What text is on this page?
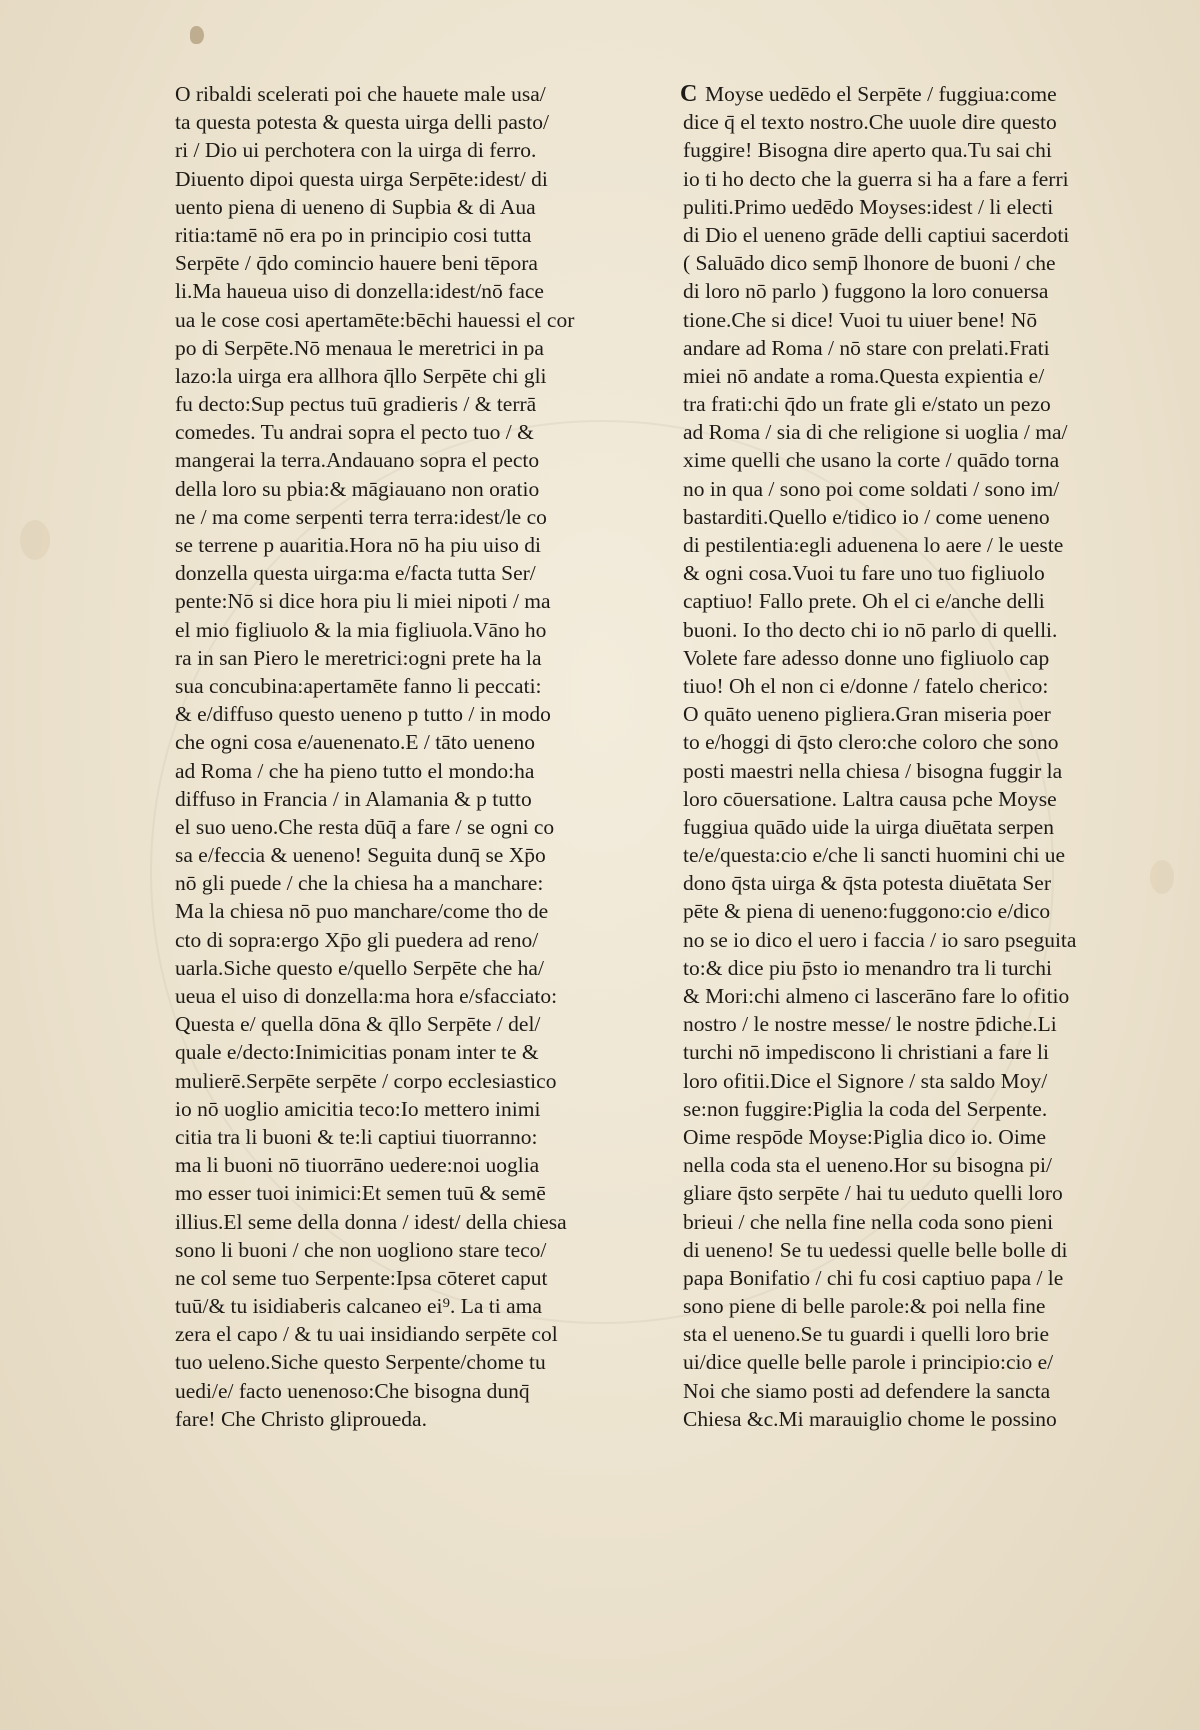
O ribaldi scelerati poi che hauete male usa/
ta questa potesta & questa uirga delli pasto/
ri / Dio ui perchotera con la uirga di ferro.
Diuento dipoi questa uirga Serpēte:idest/ di
uento piena di ueneno di Supbia & di Aua
ritia:tamē nō era po in principio cosi tutta
Serpēte / q̄do comincio hauere beni tēpora
li.Ma haueua uiso di donzella:idest/nō face
ua le cose cosi apertamēte:bēchi hauessi el cor
po di Serpēte.Nō menaua le meretrici in pa
lazo:la uirga era allhora q̄llo Serpēte chi gli
fu decto:Sup pectus tuū gradieris / & terrā
comedes. Tu andrai sopra el pecto tuo / &
mangerai la terra.Andauano sopra el pecto
della loro su pbia:& māgiauano non oratio
ne / ma come serpenti terra terra:idest/le co
se terrene p auaritia.Hora nō ha piu uiso di
donzella questa uirga:ma e/facta tutta Ser/
pente:Nō si dice hora piu li miei nipoti / ma
el mio figliuolo & la mia figliuola.Vāno ho
ra in san Piero le meretrici:ogni prete ha la
sua concubina:apertamēte fanno li peccati:
& e/diffuso questo ueneno p tutto / in modo
che ogni cosa e/auenenato.E / tāto ueneno
ad Roma / che ha pieno tutto el mondo:ha
diffuso in Francia / in Alamania & p tutto
el suo ueno.Che resta dūq̄ a fare / se ogni co
sa e/feccia & ueneno! Seguita dunq̄ se Xp̄o
nō gli puede / che la chiesa ha a manchare:
Ma la chiesa nō puo manchare/come tho de
cto di sopra:ergo Xp̄o gli puedera ad reno/
uarla.Siche questo e/quello Serpēte che ha/
ueua el uiso di donzella:ma hora e/sfacciato:
Questa e/ quella dōna & q̄llo Serpēte / del/
quale e/decto:Inimicitias ponam inter te &
mulierē.Serpēte serpēte / corpo ecclesiastico
io nō uoglio amicitia teco:Io mettero inimi
citia tra li buoni & te:li captiui tiuorranno:
ma li buoni nō tiuorrāno uedere:noi uoglia
mo esser tuoi inimici:Et semen tuū & semē
illius.El seme della donna / idest/ della chiesa
sono li buoni / che non uogliono stare teco/
ne col seme tuo Serpente:Ipsa cōteret caput
tuū/& tu isidiaberis calcaneo ei⁹. La ti ama
zera el capo / & tu uai insidiando serpēte col
tuo ueleno.Siche questo Serpente/chome tu
uedi/e/ facto uenenoso:Che bisogna dunq̄
fare! Che Christo gliproueda.
C Moyse uedēdo el Serpēte / fuggiua:come
dice q̄ el texto nostro.Che uuole dire questo
fuggire! Bisogna dire aperto qua.Tu sai chi
io ti ho decto che la guerra si ha a fare a ferri
puliti.Primo uedēdo Moyses:idest / li electi
di Dio el ueneno grāde delli captiui sacerdoti
( Saluādo dico semp̄ lhonore de buoni / che
di loro nō parlo ) fuggono la loro conuersa
tione.Che si dice! Vuoi tu uiuer bene! Nō
andare ad Roma / nō stare con prelati.Frati
miei nō andate a roma.Questa expientia e/
tra frati:chi q̄do un frate gli e/stato un pezo
ad Roma / sia di che religione si uoglia / ma/
xime quelli che usano la corte / quādo torna
no in qua / sono poi come soldati / sono im/
bastarditi.Quello e/tidico io / come ueneno
di pestilentia:egli aduenena lo aere / le ueste
& ogni cosa.Vuoi tu fare uno tuo figliuolo
captiuo! Fallo prete. Oh el ci e/anche delli
buoni. Io tho decto chi io nō parlo di quelli.
Volete fare adesso donne uno figliuolo cap
tiuo! Oh el non ci e/donne / fatelo cherico:
O quāto ueneno pigliera.Gran miseria poer
to e/hoggi di q̄sto clero:che coloro che sono
posti maestri nella chiesa / bisogna fuggir la
loro cōuersatione. Laltra causa pche Moyse
fuggiua quādo uide la uirga diuētata serpen
te/e/questa:cio e/che li sancti huomini chi ue
dono q̄sta uirga & q̄sta potesta diuētata Ser
pēte & piena di ueneno:fuggono:cio e/dico
no se io dico el uero i faccia / io saro pseguita
to:& dice piu p̄sto io menandro tra li turchi
& Mori:chi almeno ci lascerāno fare lo ofitio
nostro / le nostre messe/ le nostre p̄diche.Li
turchi nō impediscono li christiani a fare li
loro ofitii.Dice el Signore / sta saldo Moy/
se:non fuggire:Piglia la coda del Serpente.
Oime respōde Moyse:Piglia dico io. Oime
nella coda sta el ueneno.Hor su bisogna pi/
gliare q̄sto serpēte / hai tu ueduto quelli loro
brieui / che nella fine nella coda sono pieni
di ueneno! Se tu uedessi quelle belle bolle di
papa Bonifatio / chi fu cosi captiuo papa / le
sono piene di belle parole:& poi nella fine
sta el ueneno.Se tu guardi i quelli loro brie
ui/dice quelle belle parole i principio:cio e/
Noi che siamo posti ad defendere la sancta
Chiesa &c.Mi marauiglio chome le possino
